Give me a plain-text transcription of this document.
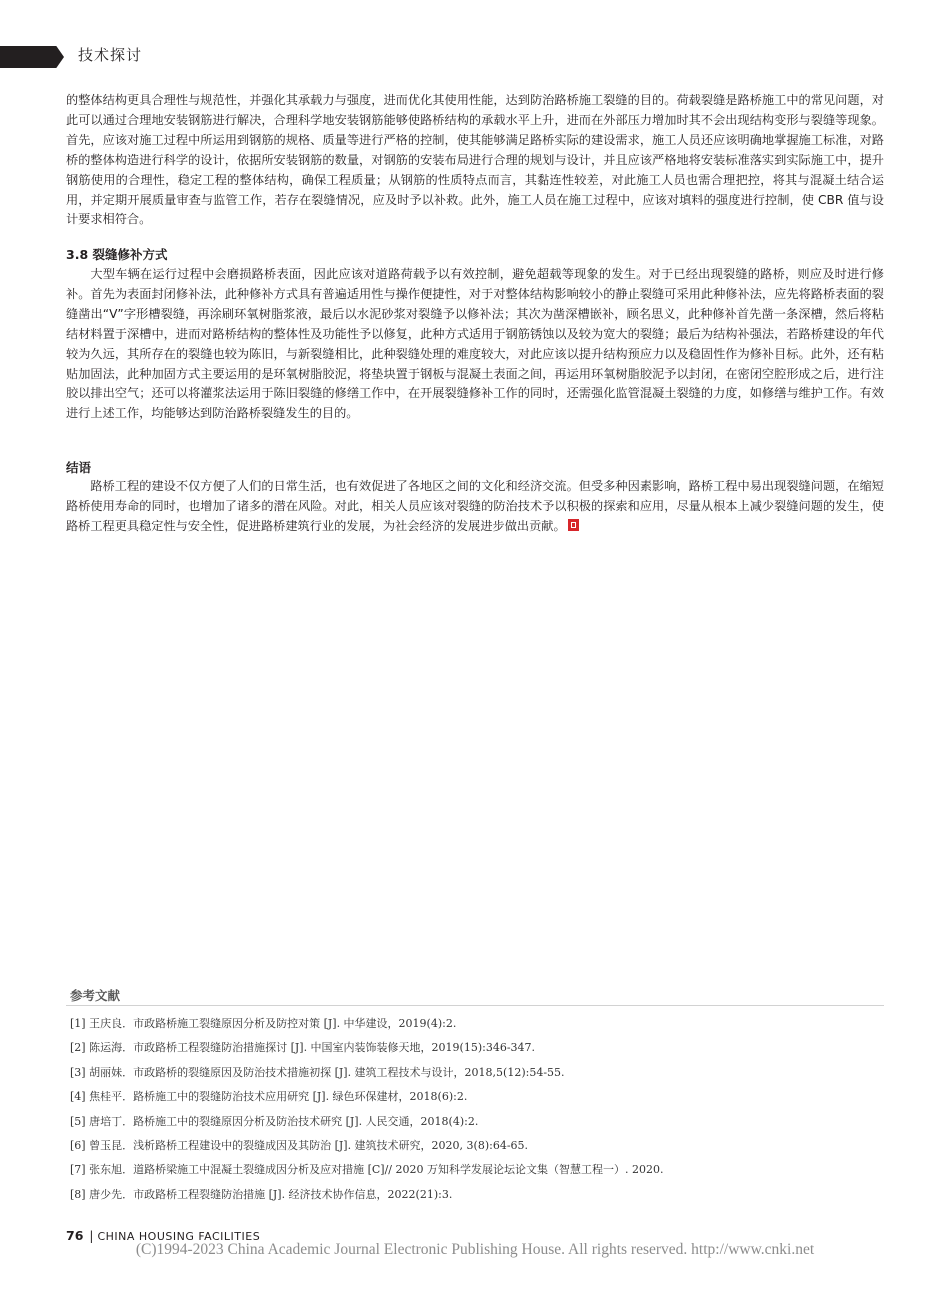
技术探讨

的整体结构更具合理性与规范性，并强化其承载力与强度，进而优化其使用性能，达到防治路桥施工裂缝的目的。荷载裂缝是路桥施工中的常见问题，对此可以通过合理地安装钢筋进行解决，合理科学地安装钢筋能够使路桥结构的承载水平上升，进而在外部压力增加时其不会出现结构变形与裂缝等现象。首先，应该对施工过程中所运用到钢筋的规格、质量等进行严格的控制，使其能够满足路桥实际的建设需求，施工人员还应该明确地掌握施工标准，对路桥的整体构造进行科学的设计，依据所安装钢筋的数量，对钢筋的安装布局进行合理的规划与设计，并且应该严格地将安装标准落实到实际施工中，提升钢筋使用的合理性，稳定工程的整体结构，确保工程质量；从钢筋的性质特点而言，其黏连性较差，对此施工人员也需合理把控，将其与混凝土结合运用，并定期开展质量审查与监管工作，若存在裂缝情况，应及时予以补救。此外，施工人员在施工过程中，应该对填料的强度进行控制，使 CBR 值与设计要求相符合。

3.8 裂缝修补方式

大型车辆在运行过程中会磨损路桥表面，因此应该对道路荷载予以有效控制，避免超载等现象的发生。对于已经出现裂缝的路桥，则应及时进行修补。首先为表面封闭修补法，此种修补方式具有普遍适用性与操作便捷性，对于对整体结构影响较小的静止裂缝可采用此种修补法，应先将路桥表面的裂缝凿出“V”字形槽裂缝，再涂刷环氧树脂浆液，最后以水泥砂浆对裂缝予以修补法；其次为凿深槽嵌补，顾名思义，此种修补首先凿一条深槽，然后将粘结材料置于深槽中，进而对路桥结构的整体性及功能性予以修复，此种方式适用于钢筋锈蚀以及较为宽大的裂缝；最后为结构补强法，若路桥建设的年代较为久远，其所存在的裂缝也较为陈旧，与新裂缝相比，此种裂缝处理的难度较大，对此应该以提升结构预应力以及稳固性作为修补目标。此外，还有粘贴加固法，此种加固方式主要运用的是环氧树脂胶泥，将垫块置于钢板与混凝土表面之间，再运用环氧树脂胶泥予以封闭，在密闭空腔形成之后，进行注胶以排出空气；还可以将灌浆法运用于陈旧裂缝的修缮工作中，在开展裂缝修补工作的同时，还需强化监管混凝土裂缝的力度，如修缮与维护工作。有效进行上述工作，均能够达到防治路桥裂缝发生的目的。

结语

路桥工程的建设不仅方便了人们的日常生活，也有效促进了各地区之间的文化和经济交流。但受多种因素影响，路桥工程中易出现裂缝问题，在缩短路桥使用寿命的同时，也增加了诸多的潜在风险。对此，相关人员应该对裂缝的防治技术予以积极的探索和应用，尽量从根本上减少裂缝问题的发生，使路桥工程更具稳定性与安全性，促进路桥建筑行业的发展，为社会经济的发展进步做出贡献。

参考文献
[1] 王庆良．市政路桥施工裂缝原因分析及防控对策 [J]. 中华建设，2019(4):2.
[2] 陈运海．市政路桥工程裂缝防治措施探讨 [J]. 中国室内装饰装修天地，2019(15):346-347.
[3] 胡丽妹．市政路桥的裂缝原因及防治技术措施初探 [J]. 建筑工程技术与设计，2018,5(12):54-55.
[4] 焦桂平．路桥施工中的裂缝防治技术应用研究 [J]. 绿色环保建材，2018(6):2.
[5] 唐培丁．路桥施工中的裂缝原因分析及防治技术研究 [J]. 人民交通，2018(4):2.
[6] 曾玉昆．浅析路桥工程建设中的裂缝成因及其防治 [J]. 建筑技术研究，2020, 3(8):64-65.
[7] 张东旭．道路桥梁施工中混凝土裂缝成因分析及应对措施 [C]// 2020 万知科学发展论坛论文集（智慧工程一）. 2020.
[8] 唐少先．市政路桥工程裂缝防治措施 [J]. 经济技术协作信息，2022(21):3.
76 | CHINA HOUSING FACILITIES
(C)1994-2023 China Academic Journal Electronic Publishing House. All rights reserved. http://www.cnki.net
